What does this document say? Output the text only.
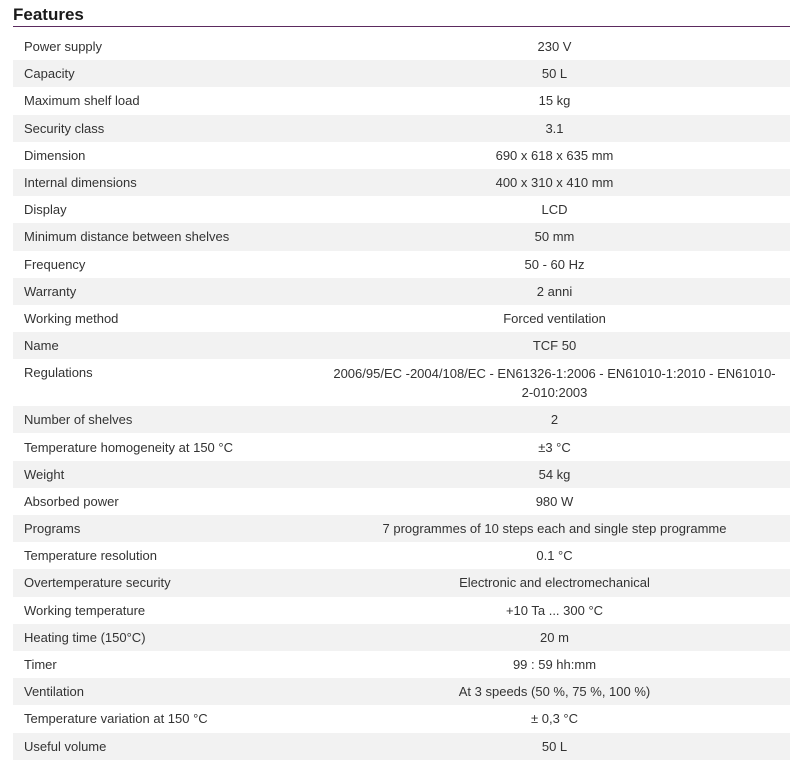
Features
Power supply	230 V
Capacity	50 L
Maximum shelf load	15 kg
Security class	3.1
Dimension	690 x 618 x 635 mm
Internal dimensions	400 x 310 x 410 mm
Display	LCD
Minimum distance between shelves	50 mm
Frequency	50 - 60 Hz
Warranty	2 anni
Working method	Forced ventilation
Name	TCF 50
Regulations	2006/95/EC -2004/108/EC - EN61326-1:2006 - EN61010-1:2010 - EN61010-2-010:2003
Number of shelves	2
Temperature homogeneity at 150 °C	±3 °C
Weight	54 kg
Absorbed power	980 W
Programs	7 programmes of 10 steps each and single step programme
Temperature resolution	0.1 °C
Overtemperature security	Electronic and electromechanical
Working temperature	+10 Ta ... 300 °C
Heating time (150°C)	20 m
Timer	99 : 59 hh:mm
Ventilation	At 3 speeds (50 %, 75 %, 100 %)
Temperature variation at 150 °C	± 0,3 °C
Useful volume	50 L
